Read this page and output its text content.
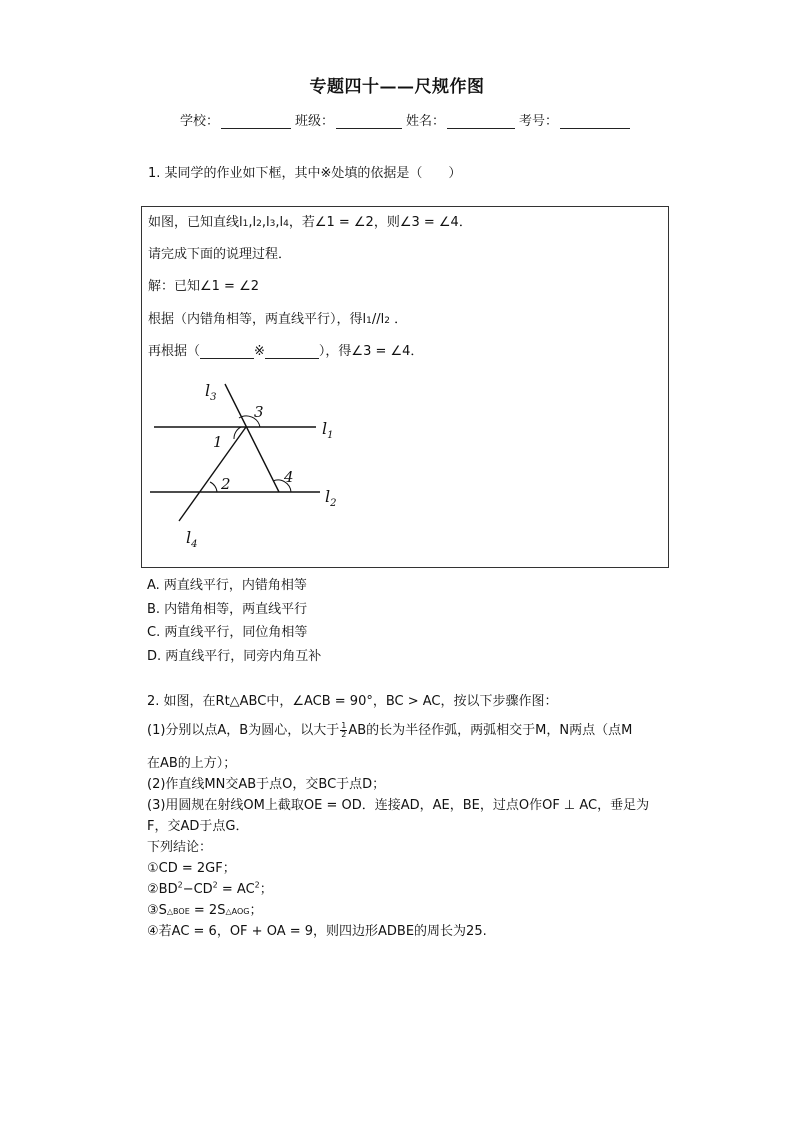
专题四十——尺规作图
学校：	班级：	姓名：	考号：
1. 某同学的作业如下框，其中※处填的依据是（　　）
如图，已知直线l1,l2,l3,l4，若∠1 = ∠2，则∠3 = ∠4．
请完成下面的说理过程．
解：已知∠1 = ∠2
根据（内错角相等，两直线平行），得l1//l2 ．
再根据（	※	），得∠3 = ∠4．
$l_3$
$l_1$
$l_2$
$l_4$
1
2
3
4
A. 两直线平行，内错角相等
B. 内错角相等，两直线平行
C. 两直线平行，同位角相等
D. 两直线平行，同旁内角互补
2. 如图，在Rt△ABC中，∠ACB = 90°，BC > AC，按以下步骤作图：
(1)分别以点A，B为圆心，以大于 $\frac{1}{2}$ AB的长为半径作弧，两弧相交于M，N两点（点M
在AB的上方）；
(2)作直线MN交AB于点O，交BC于点D；
(3)用圆规在射线OM上截取OE = OD．连接AD，AE，BE，过点O作OF ⊥ AC，垂足为
F，交AD于点G．
下列结论：
①CD = 2GF；
$②BD^2-CD^2 = AC^2$；
③S△BOE = 2S△AOG；
④若AC = 6，OF + OA = 9，则四边形ADBE的周长为25.
